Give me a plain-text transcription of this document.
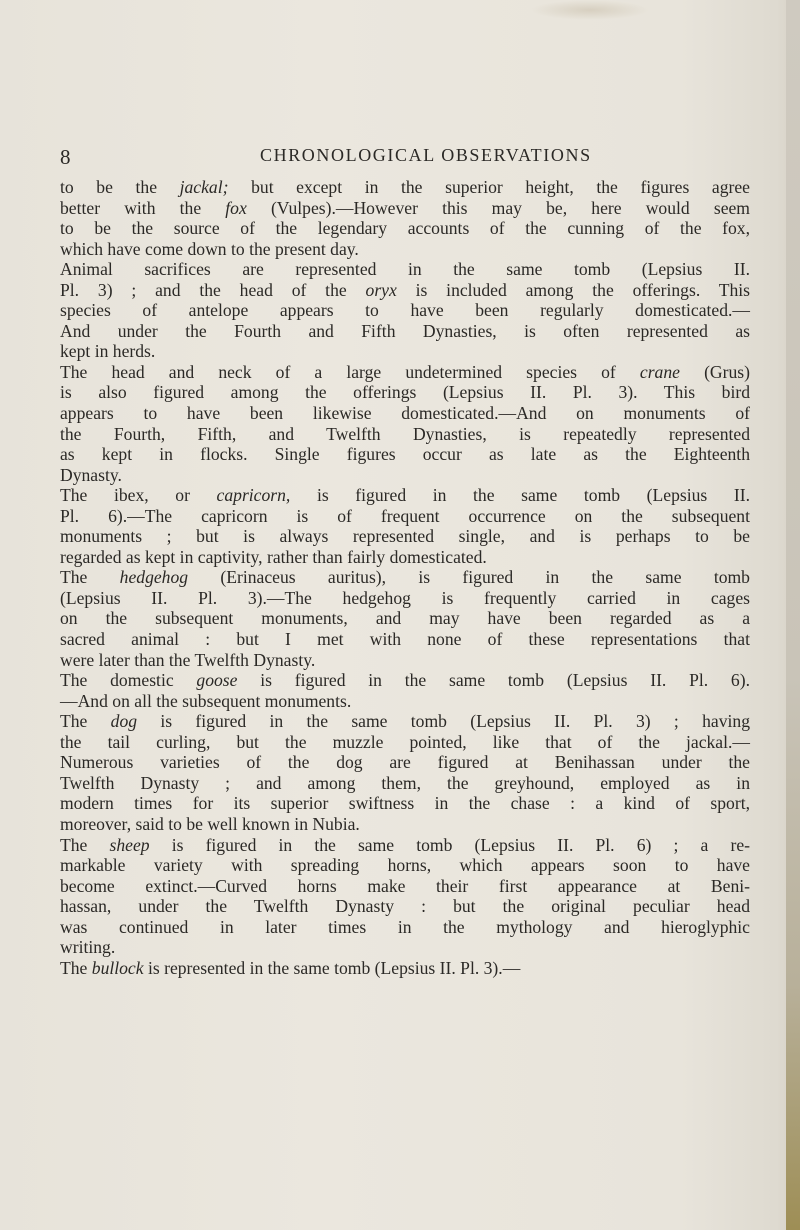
8	CHRONOLOGICAL OBSERVATIONS
to be the jackal; but except in the superior height, the figures agree
better with the fox (Vulpes).—However this may be, here would seem
to be the source of the legendary accounts of the cunning of the fox,
which have come down to the present day.
Animal sacrifices are represented in the same tomb (Lepsius II.
Pl. 3) ; and the head of the oryx is included among the offerings. This
species of antelope appears to have been regularly domesticated.—
And under the Fourth and Fifth Dynasties, is often represented as
kept in herds.
The head and neck of a large undetermined species of crane (Grus)
is also figured among the offerings (Lepsius II. Pl. 3). This bird
appears to have been likewise domesticated.—And on monuments of
the Fourth, Fifth, and Twelfth Dynasties, is repeatedly represented
as kept in flocks. Single figures occur as late as the Eighteenth
Dynasty.
The ibex, or capricorn, is figured in the same tomb (Lepsius II.
Pl. 6).—The capricorn is of frequent occurrence on the subsequent
monuments ; but is always represented single, and is perhaps to be
regarded as kept in captivity, rather than fairly domesticated.
The hedgehog (Erinaceus auritus), is figured in the same tomb
(Lepsius II. Pl. 3).—The hedgehog is frequently carried in cages
on the subsequent monuments, and may have been regarded as a
sacred animal : but I met with none of these representations that
were later than the Twelfth Dynasty.
The domestic goose is figured in the same tomb (Lepsius II. Pl. 6).
—And on all the subsequent monuments.
The dog is figured in the same tomb (Lepsius II. Pl. 3) ; having
the tail curling, but the muzzle pointed, like that of the jackal.—
Numerous varieties of the dog are figured at Benihassan under the
Twelfth Dynasty ; and among them, the greyhound, employed as in
modern times for its superior swiftness in the chase : a kind of sport,
moreover, said to be well known in Nubia.
The sheep is figured in the same tomb (Lepsius II. Pl. 6) ; a re-
markable variety with spreading horns, which appears soon to have
become extinct.—Curved horns make their first appearance at Beni-
hassan, under the Twelfth Dynasty : but the original peculiar head
was continued in later times in the mythology and hieroglyphic
writing.
The bullock is represented in the same tomb (Lepsius II. Pl. 3).—
